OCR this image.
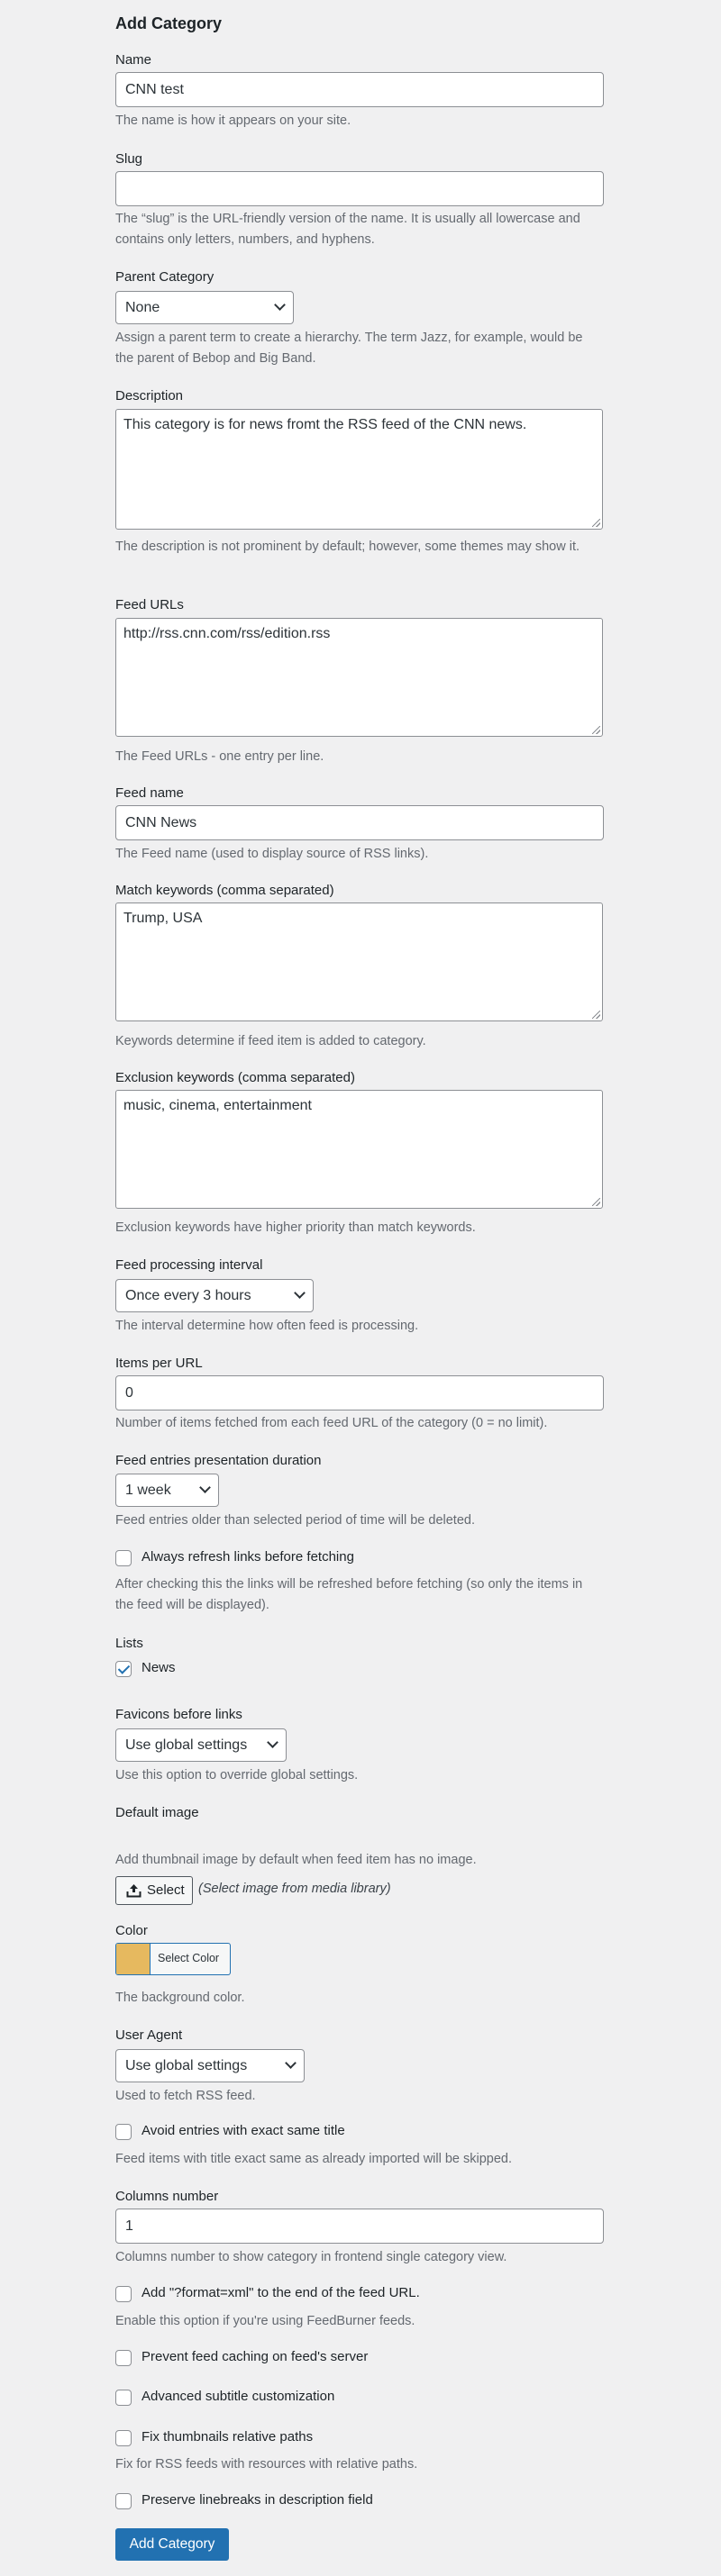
Add Category
Name
CNN test
The name is how it appears on your site.
Slug
The “slug” is the URL-friendly version of the name. It is usually all lowercase and contains only letters, numbers, and hyphens.
Parent Category
None
Assign a parent term to create a hierarchy. The term Jazz, for example, would be the parent of Bebop and Big Band.
Description
This category is for news fromt the RSS feed of the CNN news.
The description is not prominent by default; however, some themes may show it.
Feed URLs
http://rss.cnn.com/rss/edition.rss
The Feed URLs - one entry per line.
Feed name
CNN News
The Feed name (used to display source of RSS links).
Match keywords (comma separated)
Trump, USA
Keywords determine if feed item is added to category.
Exclusion keywords (comma separated)
music, cinema, entertainment
Exclusion keywords have higher priority than match keywords.
Feed processing interval
Once every 3 hours
The interval determine how often feed is processing.
Items per URL
0
Number of items fetched from each feed URL of the category (0 = no limit).
Feed entries presentation duration
1 week
Feed entries older than selected period of time will be deleted.
Always refresh links before fetching
After checking this the links will be refreshed before fetching (so only the items in the feed will be displayed).
Lists
News
Favicons before links
Use global settings
Use this option to override global settings.
Default image
Add thumbnail image by default when feed item has no image.
Select (Select image from media library)
Color
Select Color
The background color.
User Agent
Use global settings
Used to fetch RSS feed.
Avoid entries with exact same title
Feed items with title exact same as already imported will be skipped.
Columns number
1
Columns number to show category in frontend single category view.
Add "?format=xml" to the end of the feed URL.
Enable this option if you're using FeedBurner feeds.
Prevent feed caching on feed's server
Advanced subtitle customization
Fix thumbnails relative paths
Fix for RSS feeds with resources with relative paths.
Preserve linebreaks in description field
Add Category
